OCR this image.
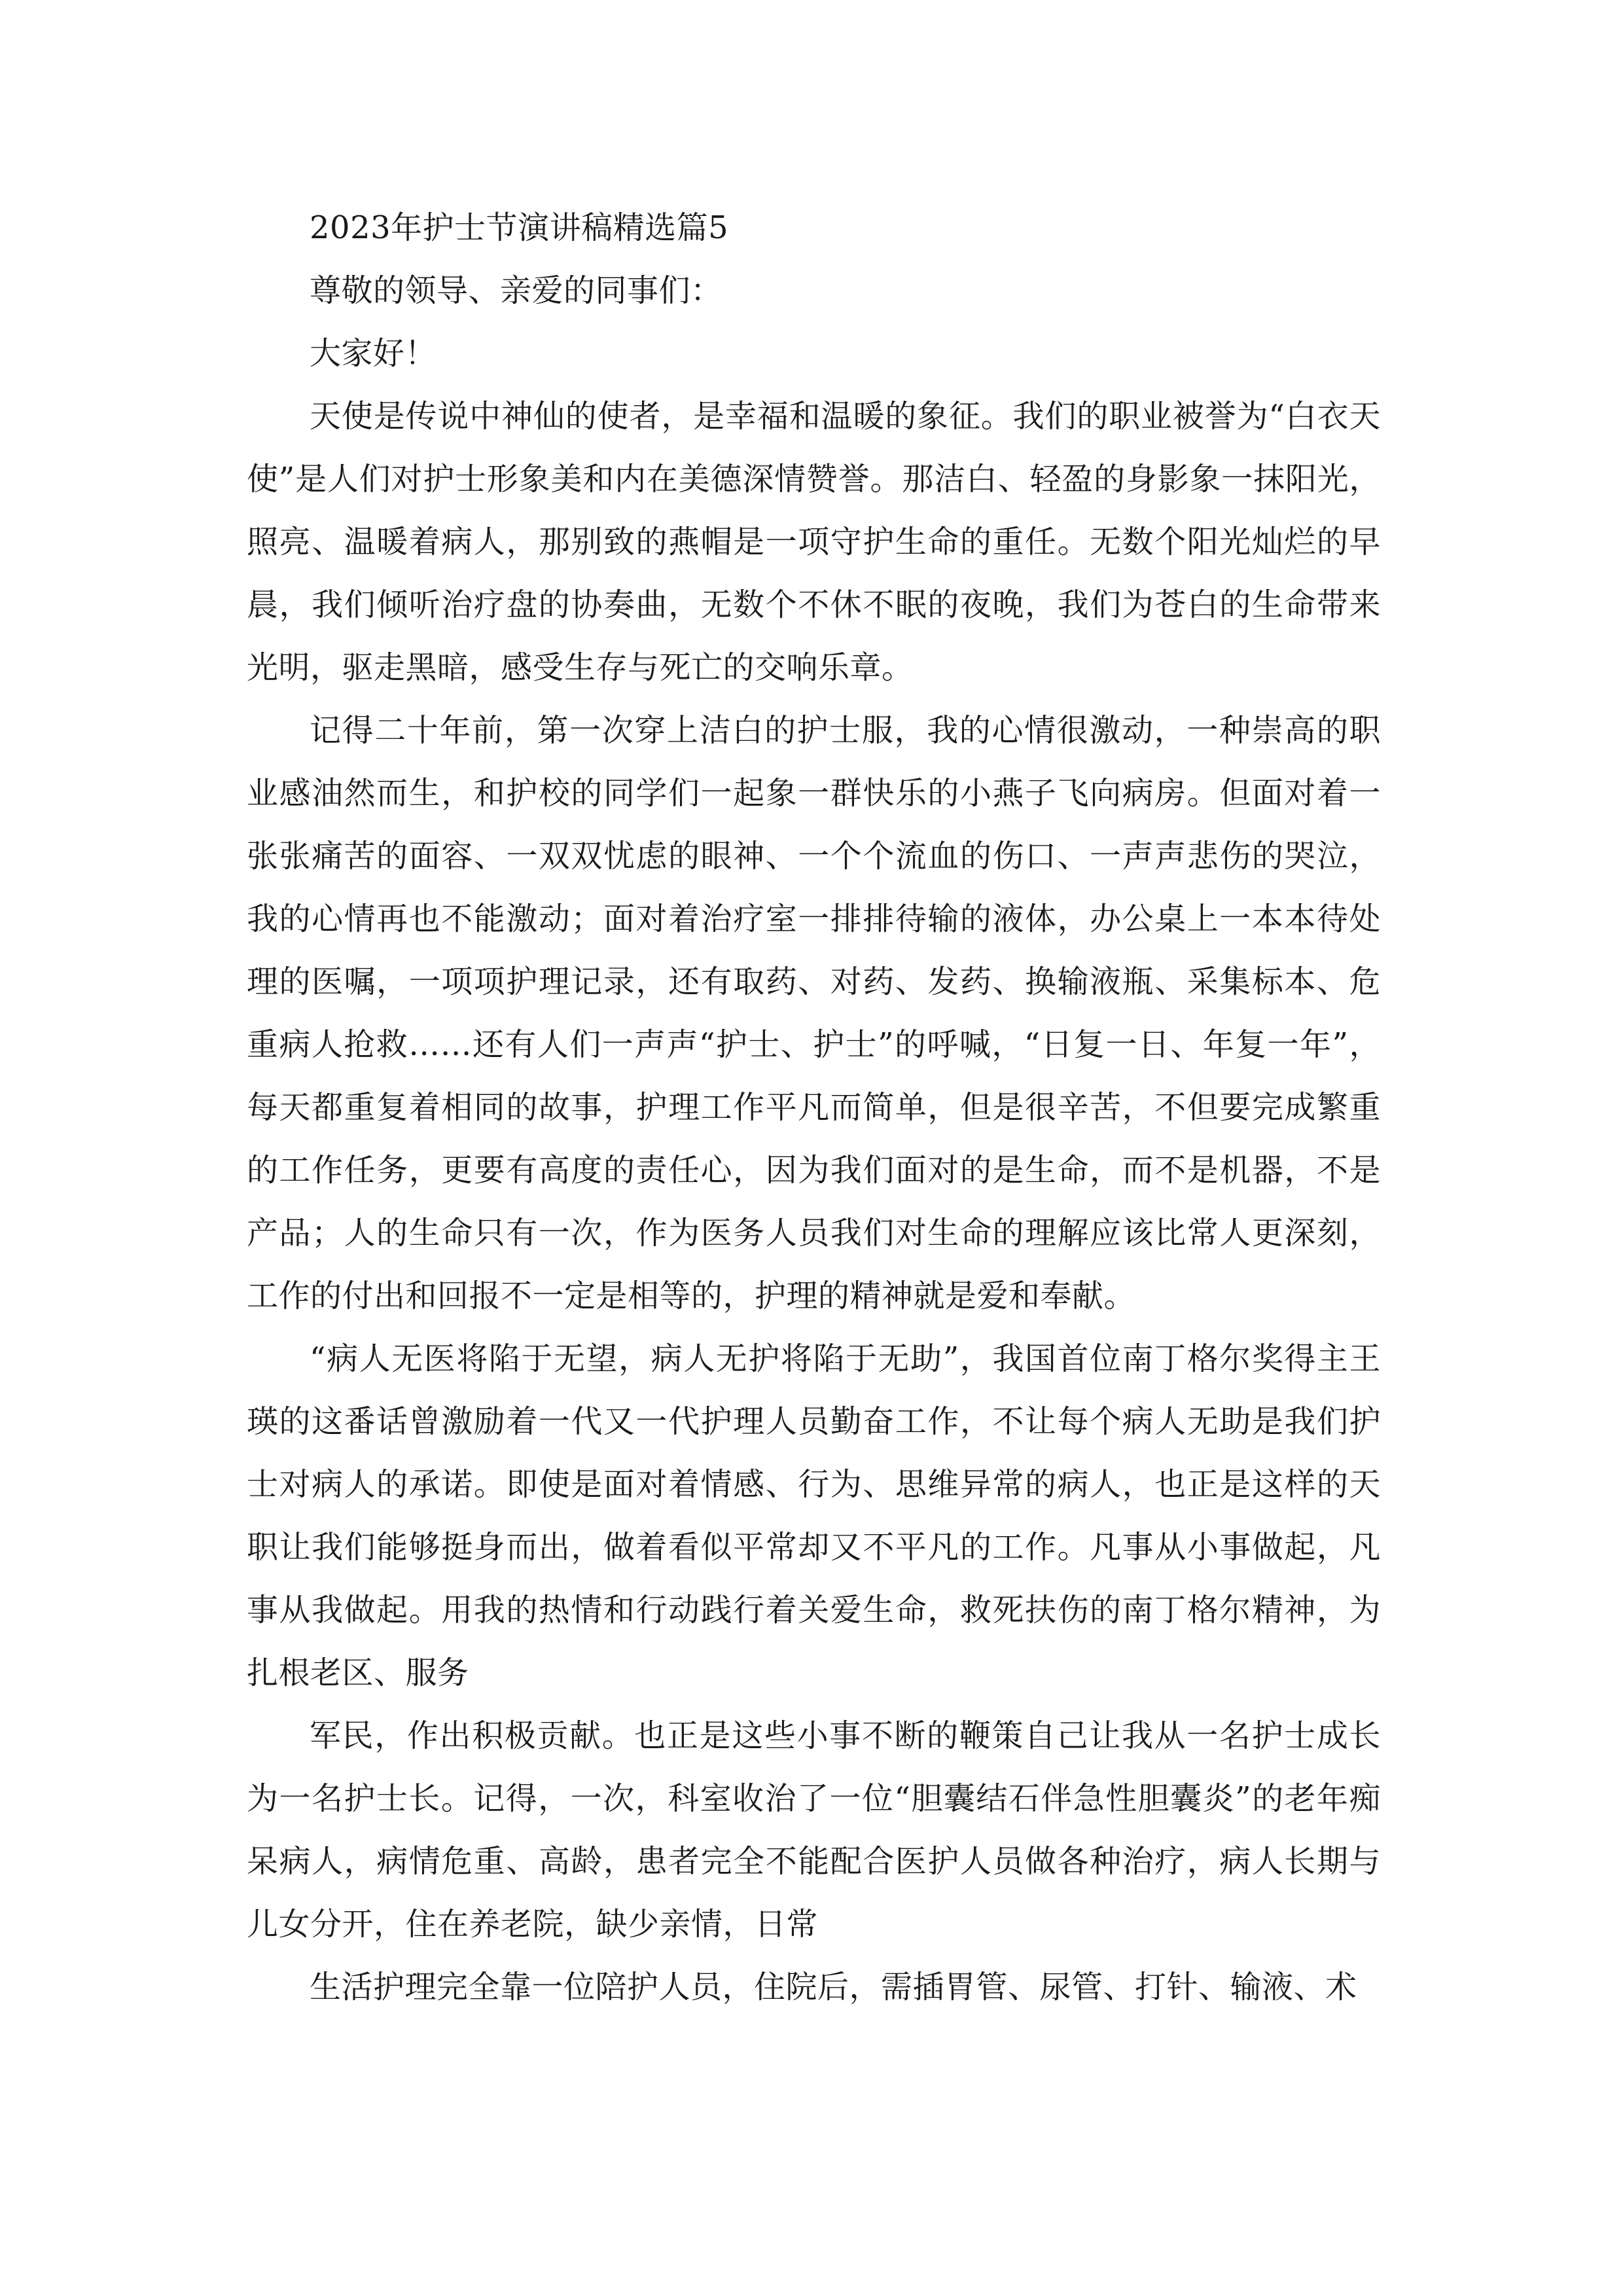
2023年护士节演讲稿精选篇5

尊敬的领导、亲爱的同事们：

大家好！

天使是传说中神仙的使者，是幸福和温暖的象征。我们的职业被誉为“白衣天使”是人们对护士形象美和内在美德深情赞誉。那洁白、轻盈的身影象一抹阳光，照亮、温暖着病人，那别致的燕帽是一项守护生命的重任。无数个阳光灿烂的早晨，我们倾听治疗盘的协奏曲，无数个不休不眠的夜晚，我们为苍白的生命带来光明，驱走黑暗，感受生存与死亡的交响乐章。

记得二十年前，第一次穿上洁白的护士服，我的心情很激动，一种崇高的职业感油然而生，和护校的同学们一起象一群快乐的小燕子飞向病房。但面对着一张张痛苦的面容、一双双忧虑的眼神、一个个流血的伤口、一声声悲伤的哭泣，我的心情再也不能激动；面对着治疗室一排排待输的液体，办公桌上一本本待处理的医嘱，一项项护理记录，还有取药、对药、发药、换输液瓶、采集标本、危重病人抢救……还有人们一声声“护士、护士”的呼喊，“日复一日、年复一年”，每天都重复着相同的故事，护理工作平凡而简单，但是很辛苦，不但要完成繁重的工作任务，更要有高度的责任心，因为我们面对的是生命，而不是机器，不是产品；人的生命只有一次，作为医务人员我们对生命的理解应该比常人更深刻，工作的付出和回报不一定是相等的，护理的精神就是爱和奉献。

“病人无医将陷于无望，病人无护将陷于无助”，我国首位南丁格尔奖得主王瑛的这番话曾激励着一代又一代护理人员勤奋工作，不让每个病人无助是我们护士对病人的承诺。即使是面对着情感、行为、思维异常的病人，也正是这样的天职让我们能够挺身而出，做着看似平常却又不平凡的工作。凡事从小事做起，凡事从我做起。用我的热情和行动践行着关爱生命，救死扶伤的南丁格尔精神，为扎根老区、服务

军民，作出积极贡献。也正是这些小事不断的鞭策自己让我从一名护士成长为一名护士长。记得，一次，科室收治了一位“胆囊结石伴急性胆囊炎”的老年痴呆病人，病情危重、高龄，患者完全不能配合医护人员做各种治疗，病人长期与儿女分开，住在养老院，缺少亲情，日常

生活护理完全靠一位陪护人员，住院后，需插胃管、尿管、打针、输液、术
